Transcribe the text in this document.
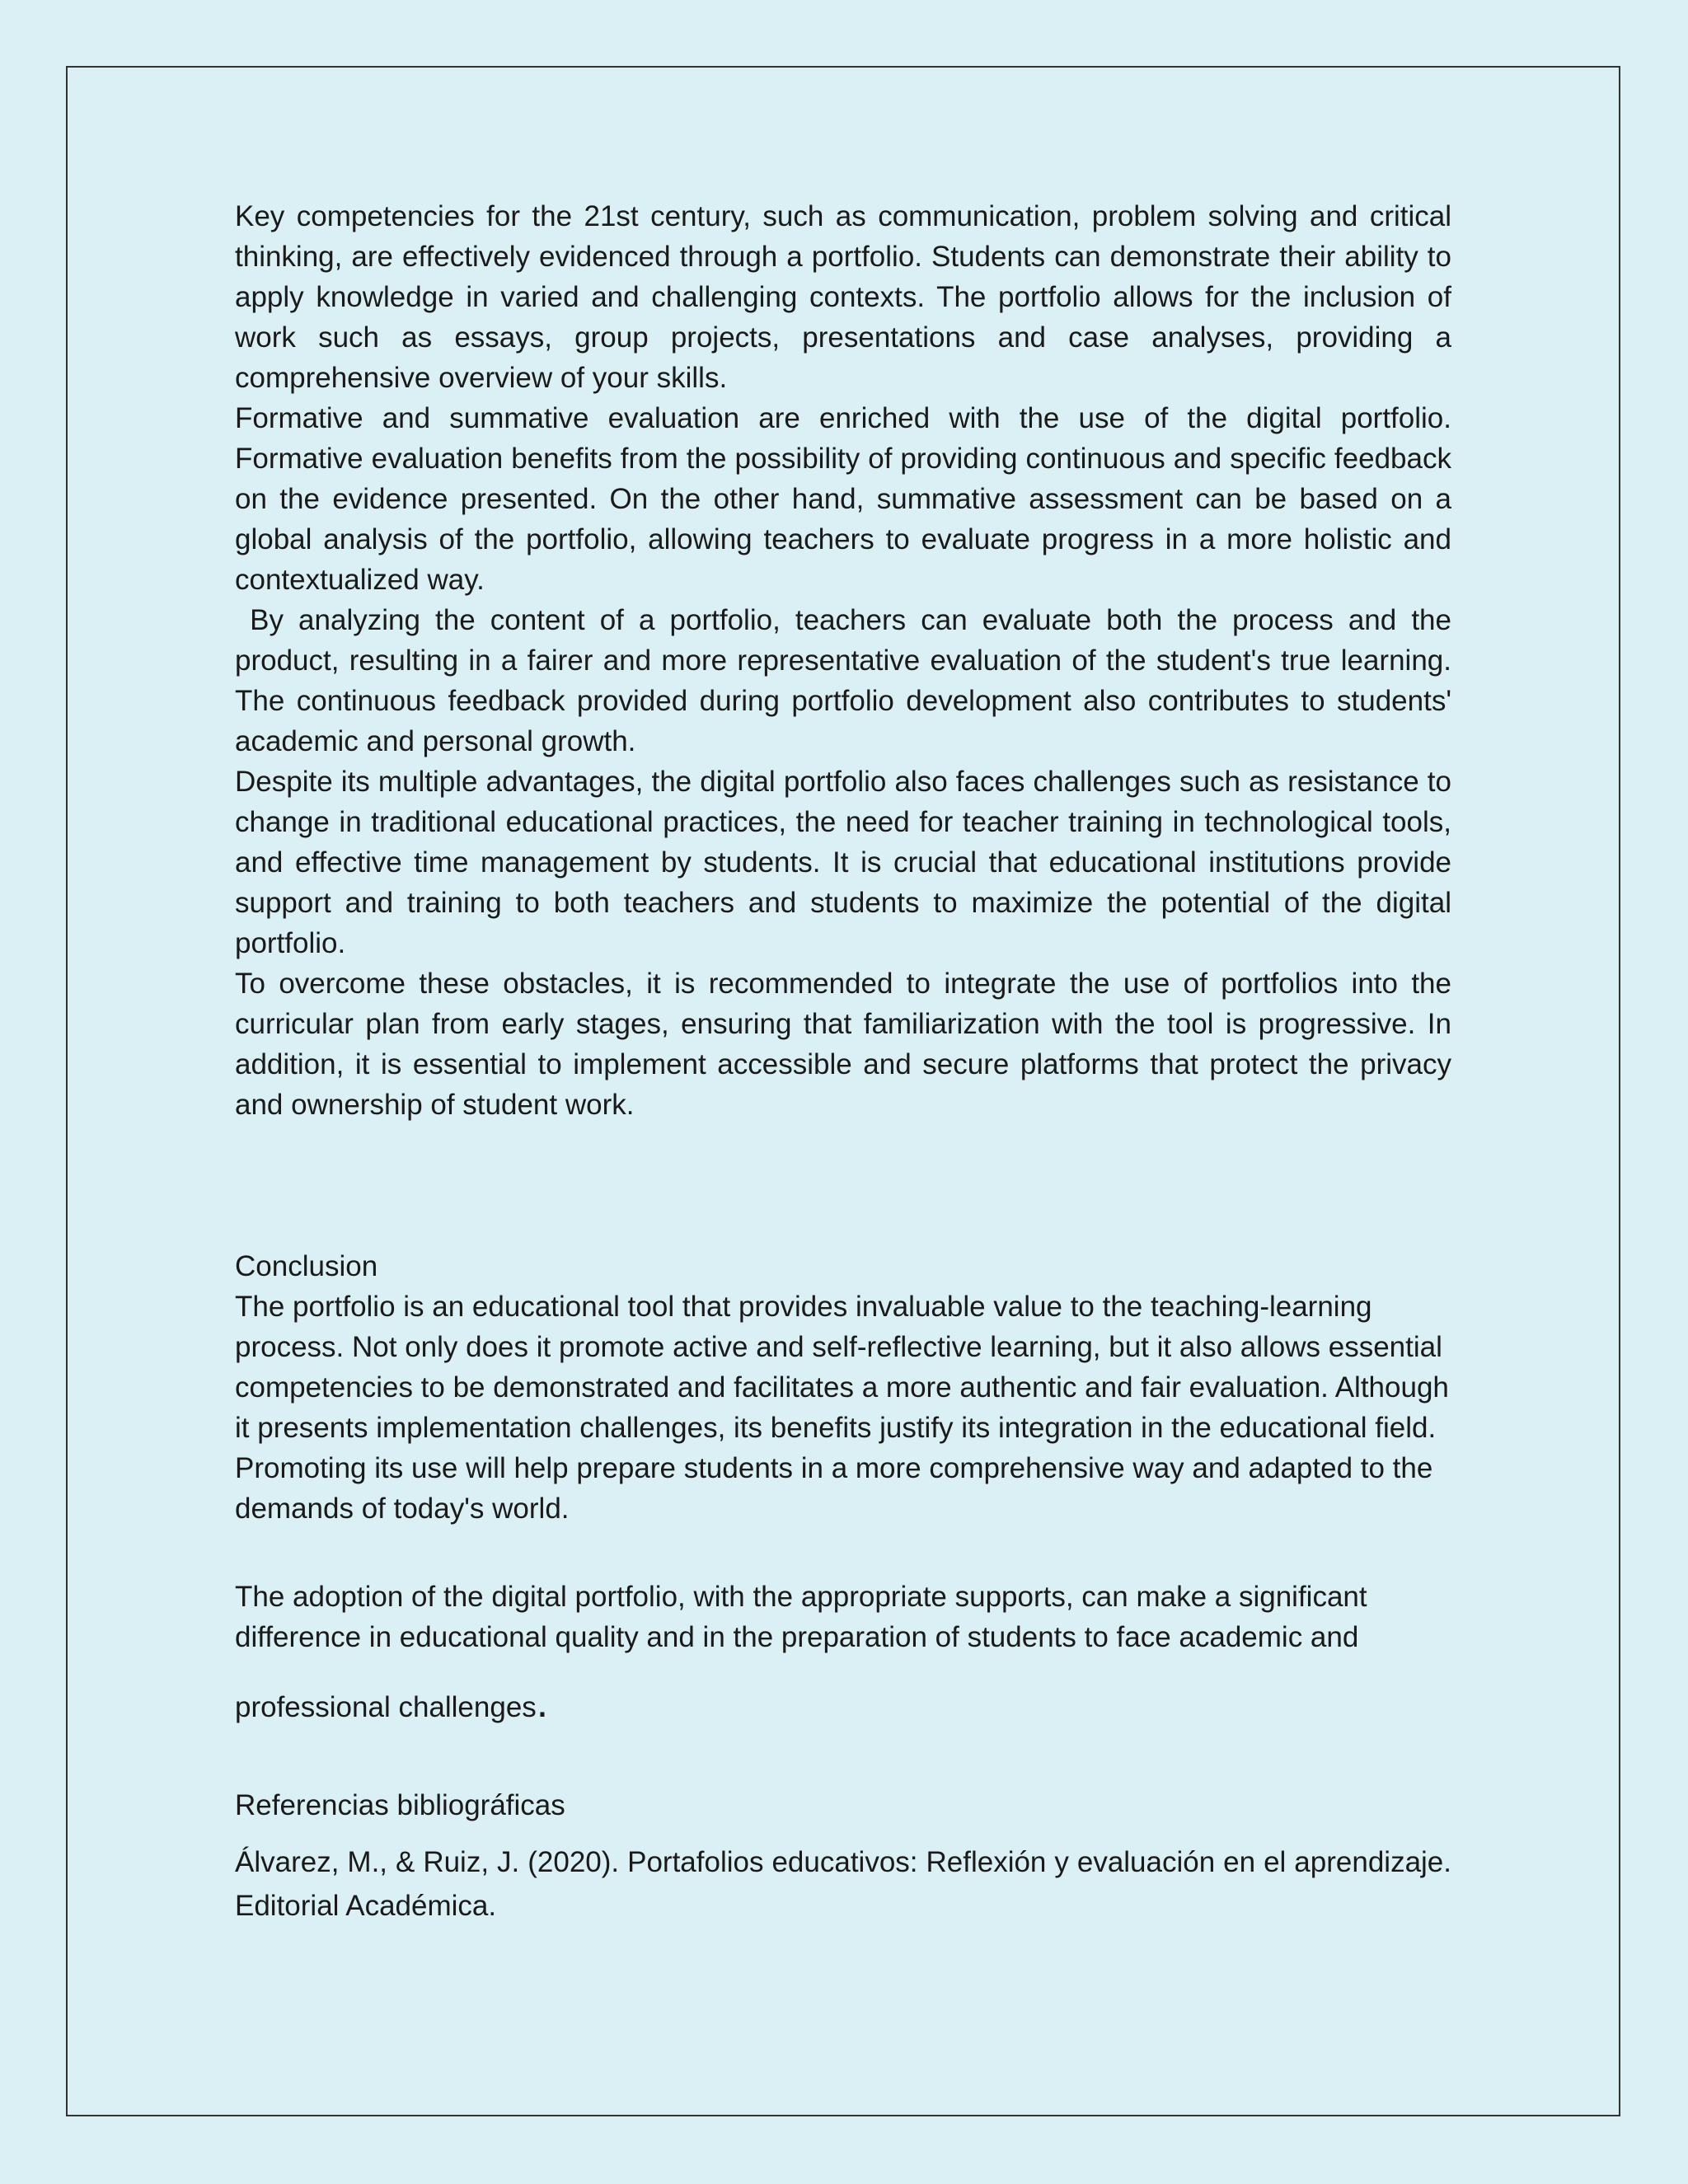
Key competencies for the 21st century, such as communication, problem solving and critical thinking, are effectively evidenced through a portfolio. Students can demonstrate their ability to apply knowledge in varied and challenging contexts. The portfolio allows for the inclusion of work such as essays, group projects, presentations and case analyses, providing a comprehensive overview of your skills.

Formative and summative evaluation are enriched with the use of the digital portfolio. Formative evaluation benefits from the possibility of providing continuous and specific feedback on the evidence presented. On the other hand, summative assessment can be based on a global analysis of the portfolio, allowing teachers to evaluate progress in a more holistic and contextualized way.

By analyzing the content of a portfolio, teachers can evaluate both the process and the product, resulting in a fairer and more representative evaluation of the student's true learning. The continuous feedback provided during portfolio development also contributes to students' academic and personal growth.

Despite its multiple advantages, the digital portfolio also faces challenges such as resistance to change in traditional educational practices, the need for teacher training in technological tools, and effective time management by students. It is crucial that educational institutions provide support and training to both teachers and students to maximize the potential of the digital portfolio.

To overcome these obstacles, it is recommended to integrate the use of portfolios into the curricular plan from early stages, ensuring that familiarization with the tool is progressive. In addition, it is essential to implement accessible and secure platforms that protect the privacy and ownership of student work.

Conclusion

The portfolio is an educational tool that provides invaluable value to the teaching-learning process. Not only does it promote active and self-reflective learning, but it also allows essential competencies to be demonstrated and facilitates a more authentic and fair evaluation. Although it presents implementation challenges, its benefits justify its integration in the educational field. Promoting its use will help prepare students in a more comprehensive way and adapted to the demands of today's world.

The adoption of the digital portfolio, with the appropriate supports, can make a significant difference in educational quality and in the preparation of students to face academic and

professional challenges.

Referencias bibliográficas

Álvarez, M., & Ruiz, J. (2020). Portafolios educativos: Reflexión y evaluación en el aprendizaje. Editorial Académica.
